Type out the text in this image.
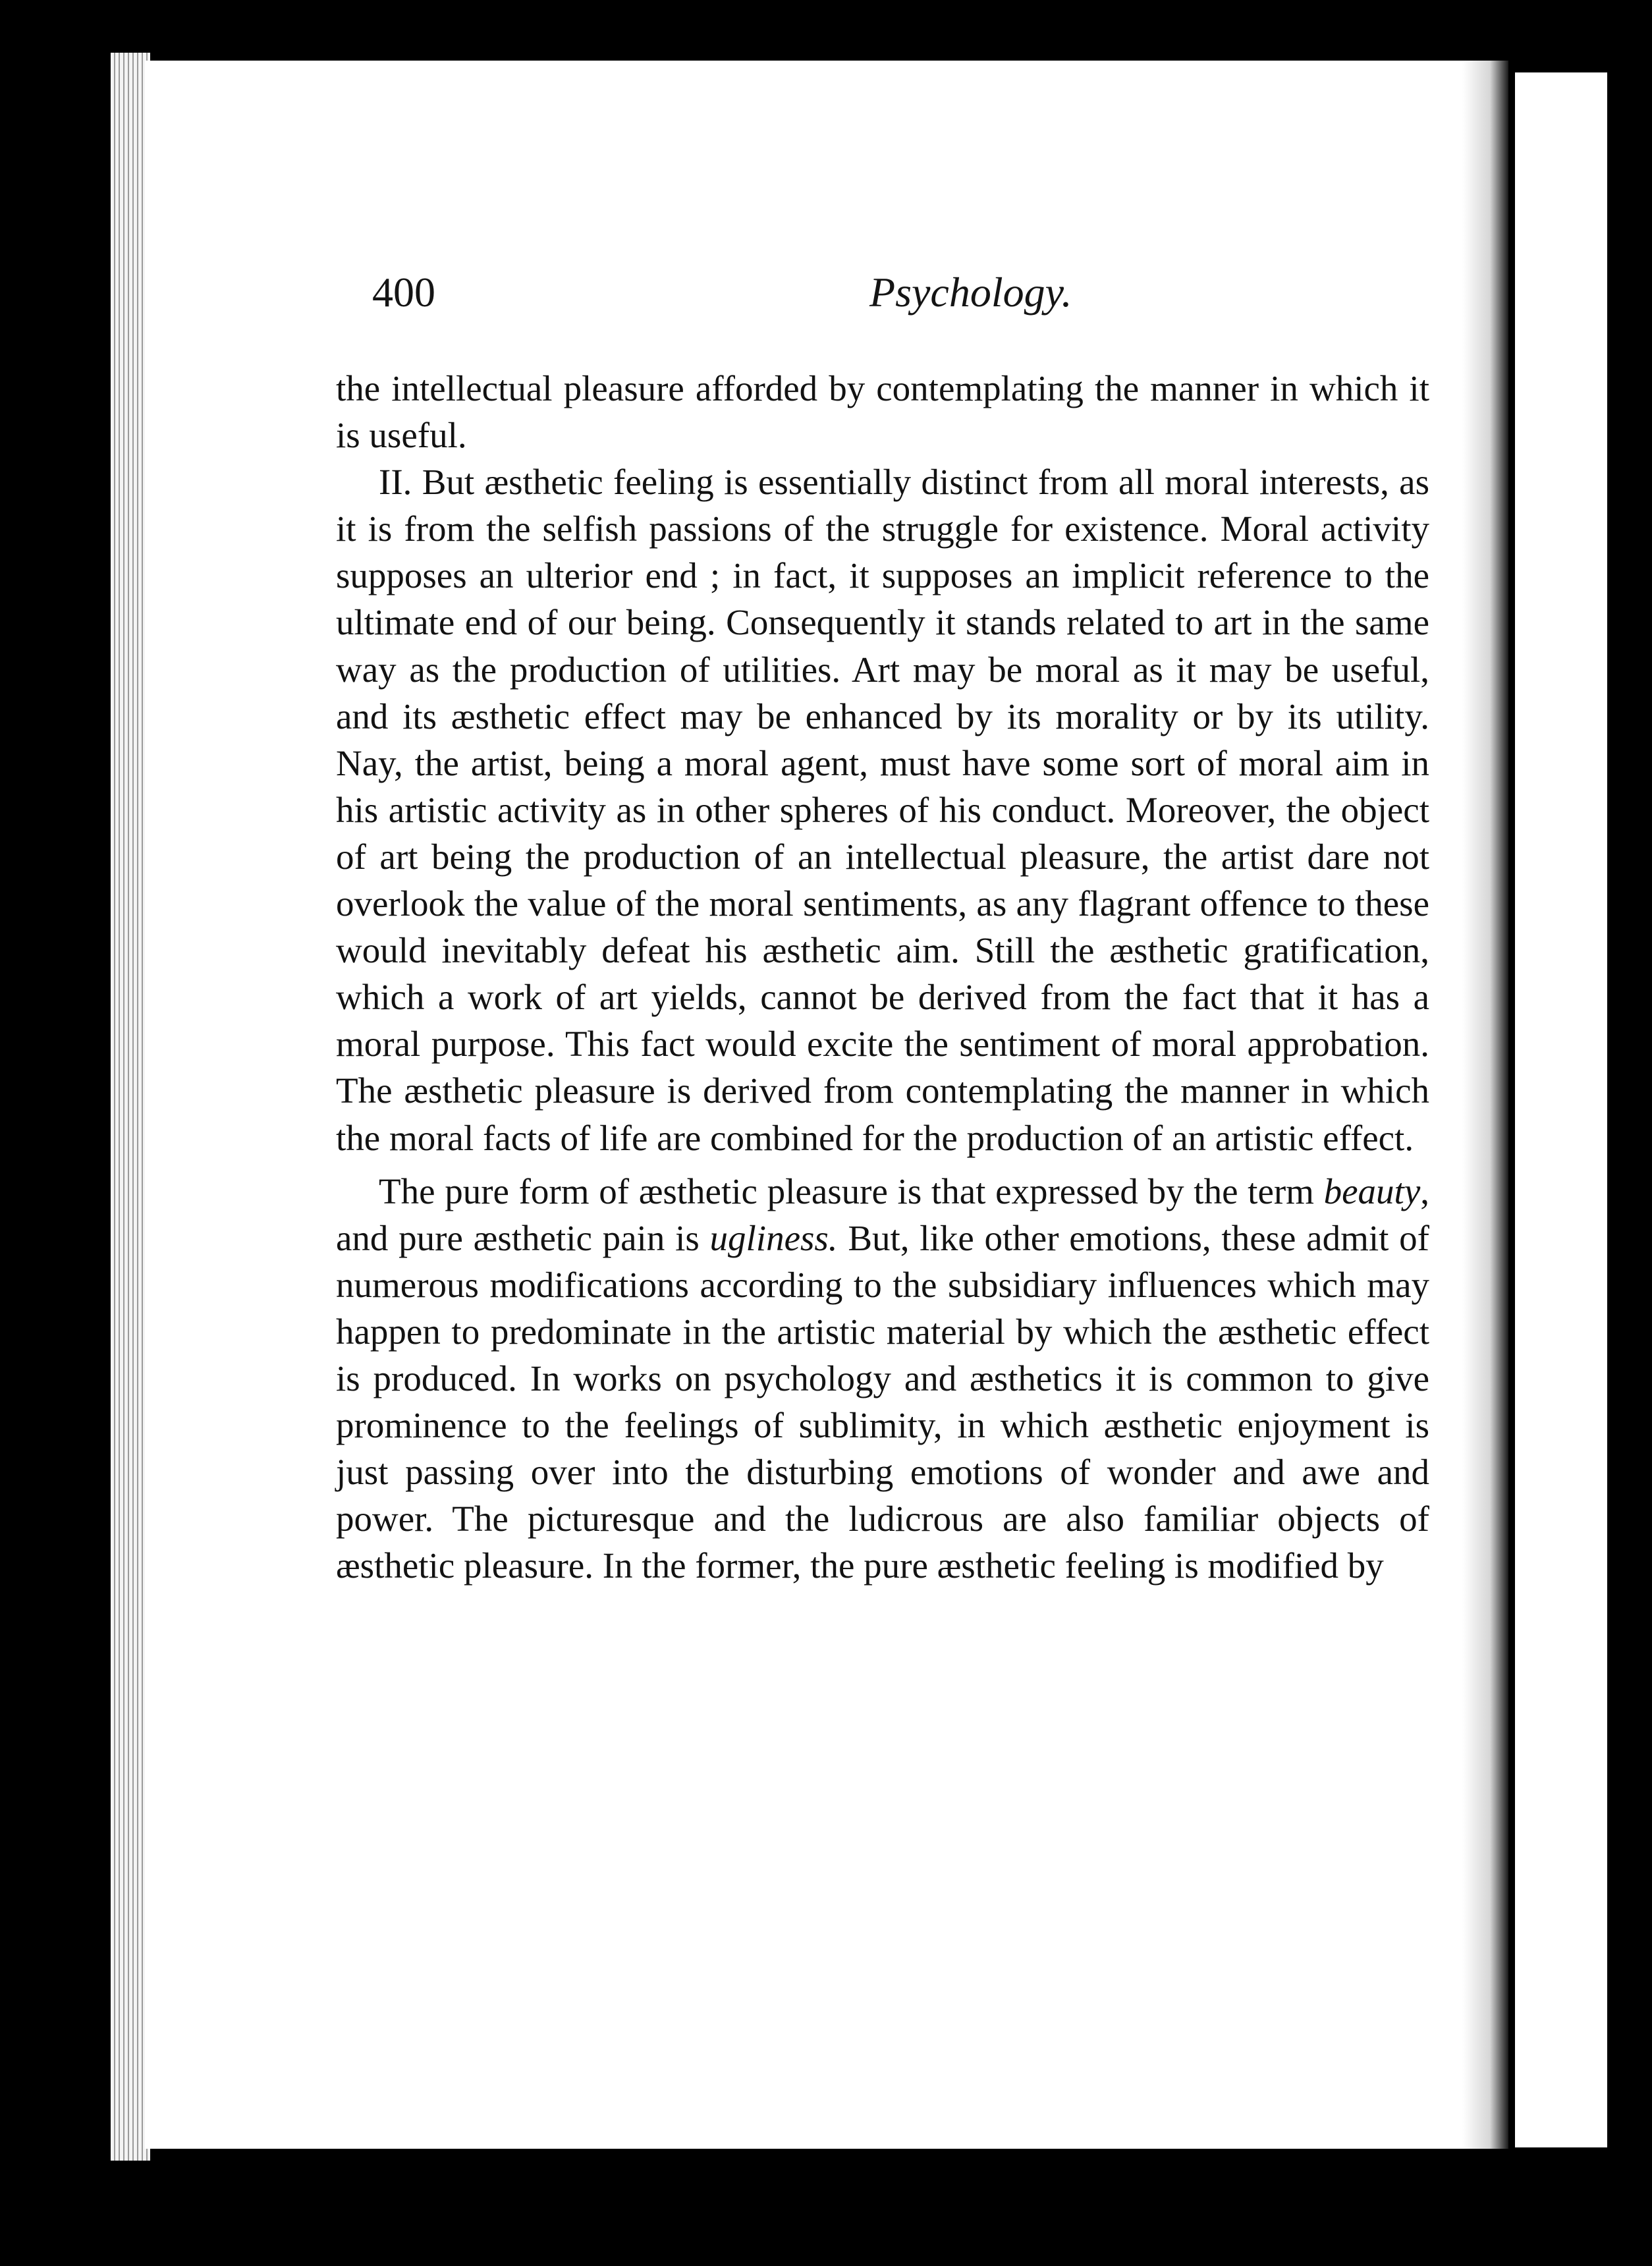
400	Psychology.

the intellectual pleasure afforded by contemplating the manner in which it is useful.

II. But æsthetic feeling is essentially distinct from all moral interests, as it is from the selfish passions of the struggle for existence. Moral activity supposes an ulterior end ; in fact, it supposes an implicit reference to the ultimate end of our being. Consequently it stands related to art in the same way as the production of utilities. Art may be moral as it may be useful, and its æsthetic effect may be enhanced by its morality or by its utility. Nay, the artist, being a moral agent, must have some sort of moral aim in his artistic activity as in other spheres of his conduct. Moreover, the object of art being the production of an intellectual pleasure, the artist dare not overlook the value of the moral sentiments, as any flagrant offence to these would inevitably defeat his æsthetic aim. Still the æsthetic gratification, which a work of art yields, cannot be derived from the fact that it has a moral purpose. This fact would excite the sentiment of moral approbation. The æsthetic pleasure is derived from contemplating the manner in which the moral facts of life are combined for the production of an artistic effect.

The pure form of æsthetic pleasure is that expressed by the term beauty, and pure æsthetic pain is ugliness. But, like other emotions, these admit of numerous modifications according to the subsidiary influences which may happen to predominate in the artistic material by which the æsthetic effect is produced. In works on psychology and æsthetics it is common to give prominence to the feelings of sublimity, in which æsthetic enjoyment is just passing over into the disturbing emotions of wonder and awe and power. The picturesque and the ludicrous are also familiar objects of æsthetic pleasure. In the former, the pure æsthetic feeling is modified by
